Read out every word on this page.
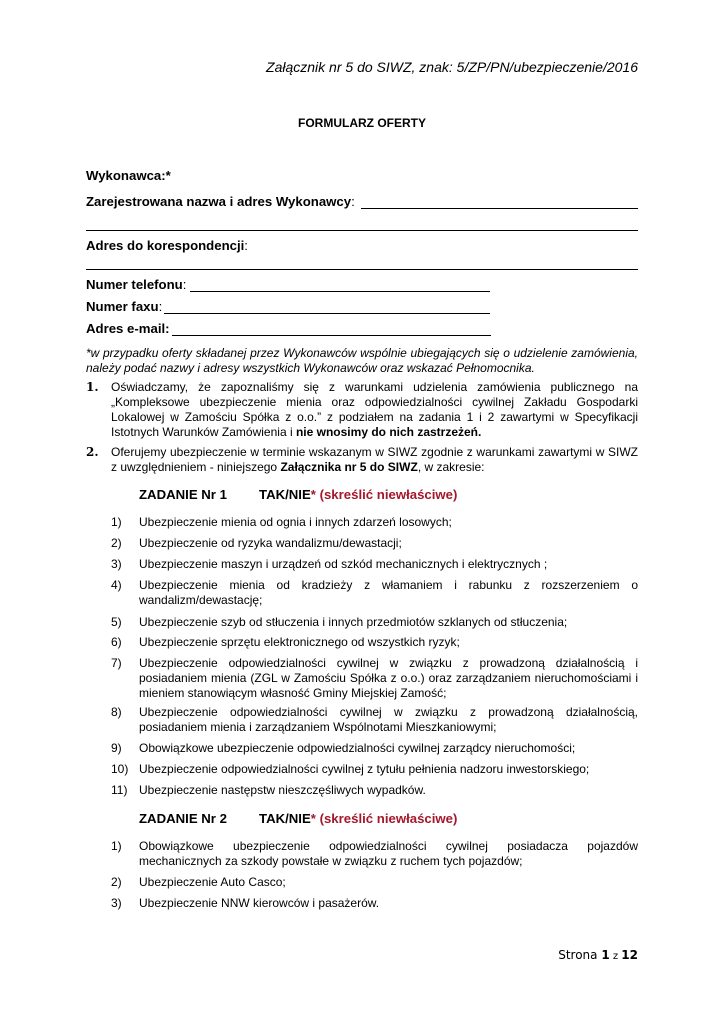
Załącznik nr 5 do SIWZ, znak: 5/ZP/PN/ubezpieczenie/2016
FORMULARZ OFERTY
Wykonawca:*
Zarejestrowana nazwa i adres Wykonawcy:
Adres do korespondencji:
Numer telefonu:
Numer faxu:
Adres e-mail:
*w przypadku oferty składanej przez Wykonawców wspólnie ubiegających się o udzielenie zamówienia, należy podać nazwy i adresy wszystkich Wykonawców oraz wskazać Pełnomocnika.
1. Oświadczamy, że zapoznaliśmy się z warunkami udzielenia zamówienia publicznego na „Kompleksowe ubezpieczenie mienia oraz odpowiedzialności cywilnej Zakładu Gospodarki Lokalowej w Zamościu Spółka z o.o.” z podziałem na zadania 1 i 2 zawartymi w Specyfikacji Istotnych Warunków Zamówienia i nie wnosimy do nich zastrzeżeń.
2. Oferujemy ubezpieczenie w terminie wskazanym w SIWZ zgodnie z warunkami zawartymi w SIWZ z uwzględnieniem - niniejszego Załącznika nr 5 do SIWZ, w zakresie:
ZADANIE Nr 1 TAK/NIE* (skreślić niewłaściwe)
1) Ubezpieczenie mienia od ognia i innych zdarzeń losowych;
2) Ubezpieczenie od ryzyka wandalizmu/dewastacji;
3) Ubezpieczenie maszyn i urządzeń od szkód mechanicznych i elektrycznych ;
4) Ubezpieczenie mienia od kradzieży z włamaniem i rabunku z rozszerzeniem o wandalizm/dewastację;
5) Ubezpieczenie szyb od stłuczenia i innych przedmiotów szklanych od stłuczenia;
6) Ubezpieczenie sprzętu elektronicznego od wszystkich ryzyk;
7) Ubezpieczenie odpowiedzialności cywilnej w związku z prowadzoną działalnością i posiadaniem mienia (ZGL w Zamościu Spółka z o.o.) oraz zarządzaniem nieruchomościami i mieniem stanowiącym własność Gminy Miejskiej Zamość;
8) Ubezpieczenie odpowiedzialności cywilnej w związku z prowadzoną działalnością, posiadaniem mienia i zarządzaniem Wspólnotami Mieszkaniowymi;
9) Obowiązkowe ubezpieczenie odpowiedzialności cywilnej zarządcy nieruchomości;
10) Ubezpieczenie odpowiedzialności cywilnej z tytułu pełnienia nadzoru inwestorskiego;
11) Ubezpieczenie następstw nieszczęśliwych wypadków.
ZADANIE Nr 2 TAK/NIE* (skreślić niewłaściwe)
1) Obowiązkowe ubezpieczenie odpowiedzialności cywilnej posiadacza pojazdów mechanicznych za szkody powstałe w związku z ruchem tych pojazdów;
2) Ubezpieczenie Auto Casco;
3) Ubezpieczenie NNW kierowców i pasażerów.
Strona 1 z 12
